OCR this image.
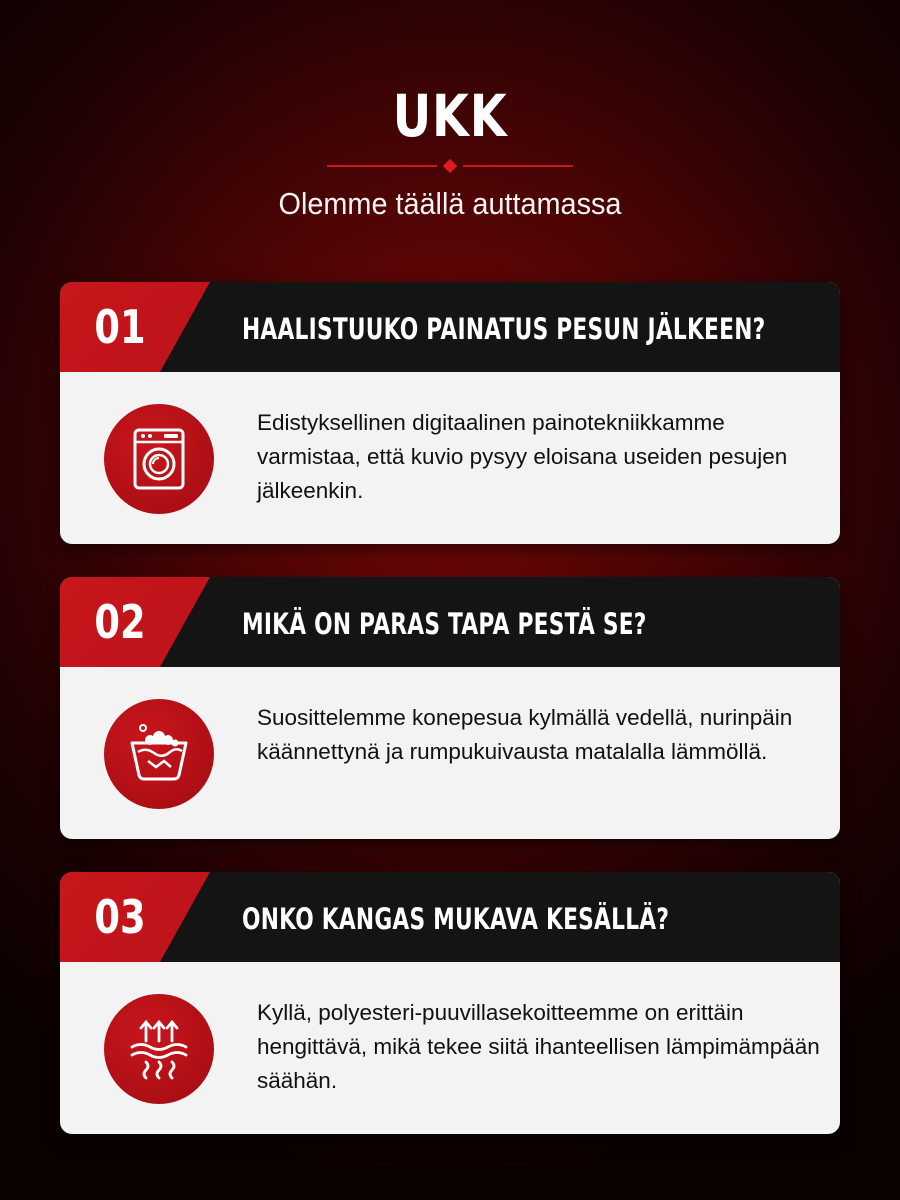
UKK
Olemme täällä auttamassa
01	HAALISTUUKO PAINATUS PESUN JÄLKEEN?
Edistyksellinen digitaalinen painotekniikkamme varmistaa, että kuvio pysyy eloisana useiden pesujen jälkeenkin.
02	MIKÄ ON PARAS TAPA PESTÄ SE?
Suosittelemme konepesua kylmällä vedellä, nurinpäin käännettynä ja rumpukuivausta matalalla lämmöllä.
03	ONKO KANGAS MUKAVA KESÄLLÄ?
Kyllä, polyesteri-puuvillasekoitteemme on erittäin hengittävä, mikä tekee siitä ihanteellisen lämpimämpään säähän.
